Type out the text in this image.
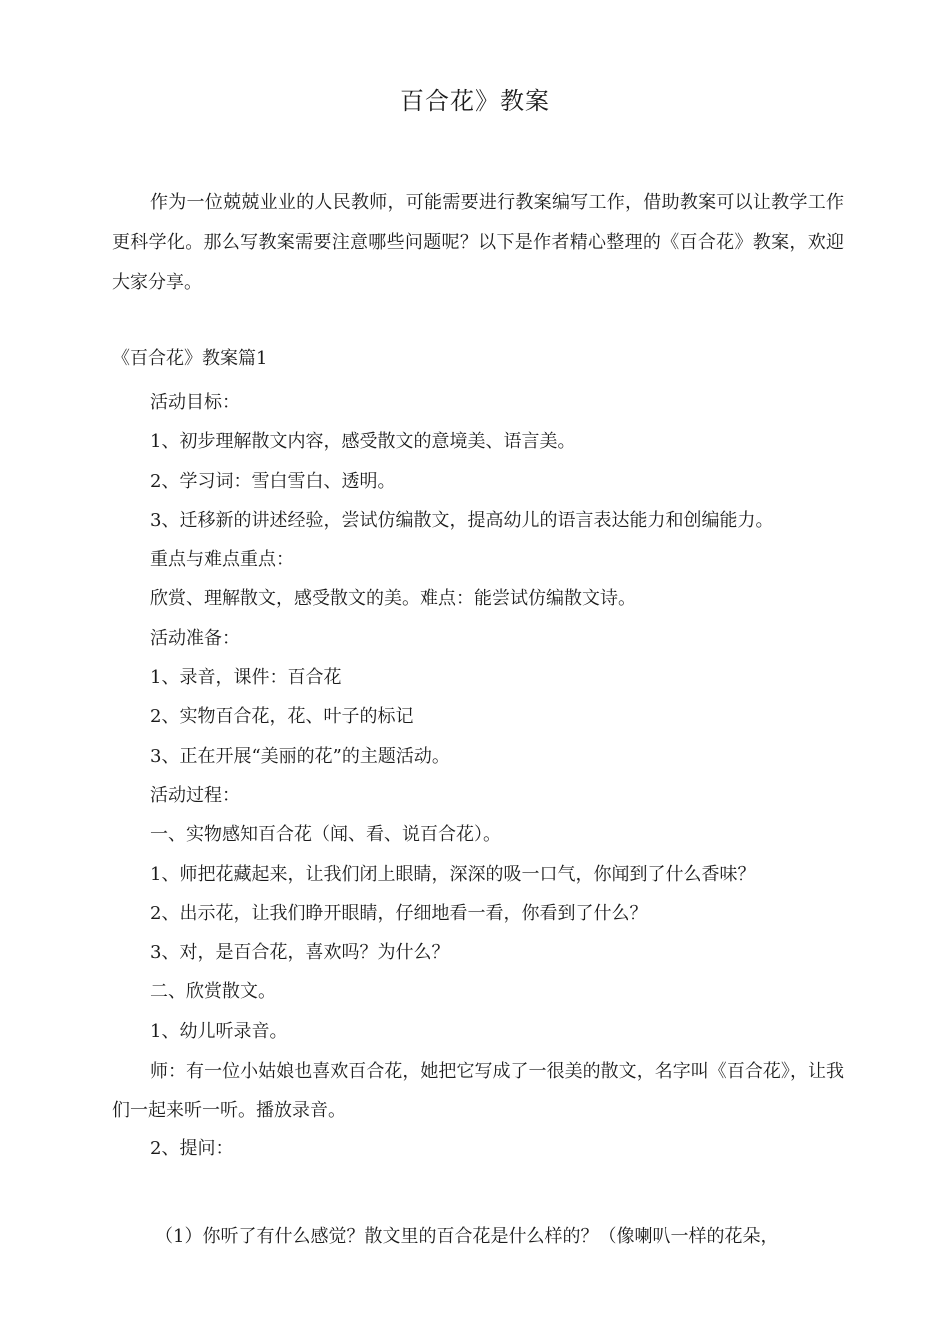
百合花》教案
作为一位兢兢业业的人民教师，可能需要进行教案编写工作，借助教案可以让教学工作更科学化。那么写教案需要注意哪些问题呢？以下是作者精心整理的《百合花》教案，欢迎大家分享。
《百合花》教案篇1
活动目标：
1、初步理解散文内容，感受散文的意境美、语言美。
2、学习词：雪白雪白、透明。
3、迁移新的讲述经验，尝试仿编散文，提高幼儿的语言表达能力和创编能力。
重点与难点重点：
欣赏、理解散文，感受散文的美。难点：能尝试仿编散文诗。
活动准备：
1、录音，课件：百合花
2、实物百合花，花、叶子的标记
3、正在开展“美丽的花”的主题活动。
活动过程：
一、实物感知百合花（闻、看、说百合花）。
1、师把花藏起来，让我们闭上眼睛，深深的吸一口气，你闻到了什么香味？
2、出示花，让我们睁开眼睛，仔细地看一看，你看到了什么？
3、对，是百合花，喜欢吗？为什么？
二、欣赏散文。
1、幼儿听录音。
师：有一位小姑娘也喜欢百合花，她把它写成了一很美的散文，名字叫《百合花》，让我们一起来听一听。播放录音。
2、提问：
（1）你听了有什么感觉？散文里的百合花是什么样的？（像喇叭一样的花朵，
